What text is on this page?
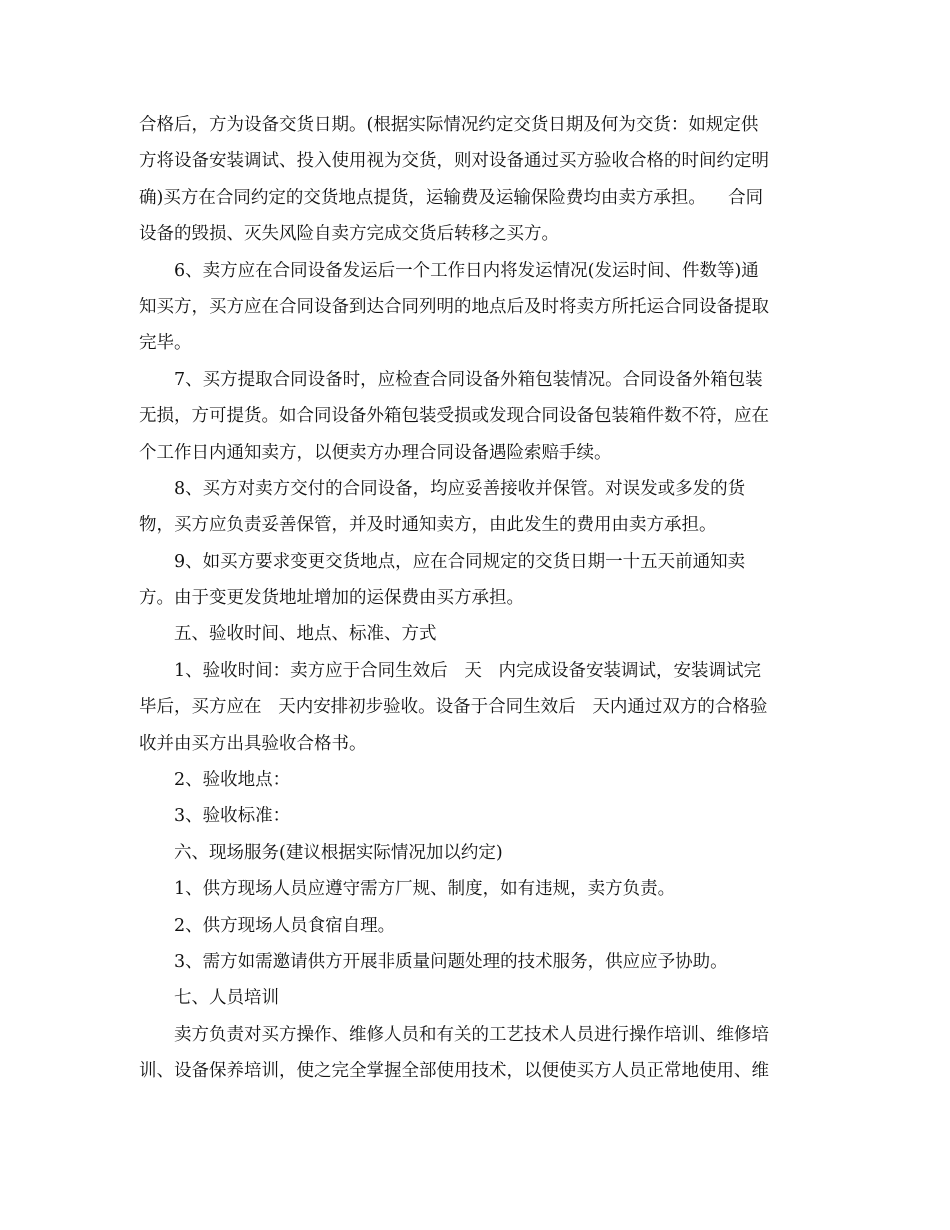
合格后，方为设备交货日期。(根据实际情况约定交货日期及何为交货：如规定供
方将设备安装调试、投入使用视为交货，则对设备通过买方验收合格的时间约定明
确)买方在合同约定的交货地点提货，运输费及运输保险费均由卖方承担。    合同
设备的毁损、灭失风险自卖方完成交货后转移之买方。
6、卖方应在合同设备发运后一个工作日内将发运情况(发运时间、件数等)通
知买方，买方应在合同设备到达合同列明的地点后及时将卖方所托运合同设备提取
完毕。
7、买方提取合同设备时，应检查合同设备外箱包装情况。合同设备外箱包装
无损，方可提货。如合同设备外箱包装受损或发现合同设备包装箱件数不符，应在
个工作日内通知卖方，以便卖方办理合同设备遇险索赔手续。
8、买方对卖方交付的合同设备，均应妥善接收并保管。对误发或多发的货
物，买方应负责妥善保管，并及时通知卖方，由此发生的费用由卖方承担。
9、如买方要求变更交货地点，应在合同规定的交货日期一十五天前通知卖
方。由于变更发货地址增加的运保费由买方承担。
五、验收时间、地点、标准、方式
1、验收时间：卖方应于合同生效后   天   内完成设备安装调试，安装调试完
毕后，买方应在   天内安排初步验收。设备于合同生效后   天内通过双方的合格验
收并由买方出具验收合格书。
2、验收地点：
3、验收标准：
六、现场服务(建议根据实际情况加以约定)
1、供方现场人员应遵守需方厂规、制度，如有违规，卖方负责。
2、供方现场人员食宿自理。
3、需方如需邀请供方开展非质量问题处理的技术服务，供应应予协助。
七、人员培训
卖方负责对买方操作、维修人员和有关的工艺技术人员进行操作培训、维修培
训、设备保养培训，使之完全掌握全部使用技术，以便使买方人员正常地使用、维
